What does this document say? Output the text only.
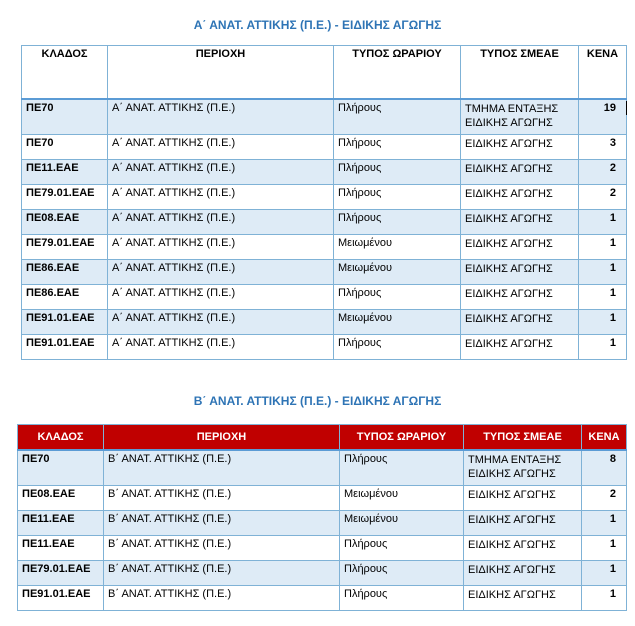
Α΄ ΑΝΑΤ. ΑΤΤΙΚΗΣ (Π.Ε.) - ΕΙΔΙΚΗΣ ΑΓΩΓΗΣ
ΚΛΑΔΟΣ	ΠΕΡΙΟΧΗ	ΤΥΠΟΣ ΩΡΑΡΙΟΥ	ΤΥΠΟΣ ΣΜΕΑΕ	ΚΕΝΑ
ΠΕ70	Α΄ ΑΝΑΤ. ΑΤΤΙΚΗΣ (Π.Ε.)	Πλήρους	ΤΜΗΜΑ ΕΝΤΑΞΗΣ
ΕΙΔΙΚΗΣ ΑΓΩΓΗΣ	19
ΠΕ70	Α΄ ΑΝΑΤ. ΑΤΤΙΚΗΣ (Π.Ε.)	Πλήρους	ΕΙΔΙΚΗΣ ΑΓΩΓΗΣ	3
ΠΕ11.ΕΑΕ	Α΄ ΑΝΑΤ. ΑΤΤΙΚΗΣ (Π.Ε.)	Πλήρους	ΕΙΔΙΚΗΣ ΑΓΩΓΗΣ	2
ΠΕ79.01.ΕΑΕ	Α΄ ΑΝΑΤ. ΑΤΤΙΚΗΣ (Π.Ε.)	Πλήρους	ΕΙΔΙΚΗΣ ΑΓΩΓΗΣ	2
ΠΕ08.ΕΑΕ	Α΄ ΑΝΑΤ. ΑΤΤΙΚΗΣ (Π.Ε.)	Πλήρους	ΕΙΔΙΚΗΣ ΑΓΩΓΗΣ	1
ΠΕ79.01.ΕΑΕ	Α΄ ΑΝΑΤ. ΑΤΤΙΚΗΣ (Π.Ε.)	Μειωμένου	ΕΙΔΙΚΗΣ ΑΓΩΓΗΣ	1
ΠΕ86.ΕΑΕ	Α΄ ΑΝΑΤ. ΑΤΤΙΚΗΣ (Π.Ε.)	Μειωμένου	ΕΙΔΙΚΗΣ ΑΓΩΓΗΣ	1
ΠΕ86.ΕΑΕ	Α΄ ΑΝΑΤ. ΑΤΤΙΚΗΣ (Π.Ε.)	Πλήρους	ΕΙΔΙΚΗΣ ΑΓΩΓΗΣ	1
ΠΕ91.01.ΕΑΕ	Α΄ ΑΝΑΤ. ΑΤΤΙΚΗΣ (Π.Ε.)	Μειωμένου	ΕΙΔΙΚΗΣ ΑΓΩΓΗΣ	1
ΠΕ91.01.ΕΑΕ	Α΄ ΑΝΑΤ. ΑΤΤΙΚΗΣ (Π.Ε.)	Πλήρους	ΕΙΔΙΚΗΣ ΑΓΩΓΗΣ	1
Β΄ ΑΝΑΤ. ΑΤΤΙΚΗΣ (Π.Ε.) - ΕΙΔΙΚΗΣ ΑΓΩΓΗΣ
ΚΛΑΔΟΣ	ΠΕΡΙΟΧΗ	ΤΥΠΟΣ ΩΡΑΡΙΟΥ	ΤΥΠΟΣ ΣΜΕΑΕ	ΚΕΝΑ
ΠΕ70	Β΄ ΑΝΑΤ. ΑΤΤΙΚΗΣ (Π.Ε.)	Πλήρους	ΤΜΗΜΑ ΕΝΤΑΞΗΣ
ΕΙΔΙΚΗΣ ΑΓΩΓΗΣ	8
ΠΕ08.ΕΑΕ	Β΄ ΑΝΑΤ. ΑΤΤΙΚΗΣ (Π.Ε.)	Μειωμένου	ΕΙΔΙΚΗΣ ΑΓΩΓΗΣ	2
ΠΕ11.ΕΑΕ	Β΄ ΑΝΑΤ. ΑΤΤΙΚΗΣ (Π.Ε.)	Μειωμένου	ΕΙΔΙΚΗΣ ΑΓΩΓΗΣ	1
ΠΕ11.ΕΑΕ	Β΄ ΑΝΑΤ. ΑΤΤΙΚΗΣ (Π.Ε.)	Πλήρους	ΕΙΔΙΚΗΣ ΑΓΩΓΗΣ	1
ΠΕ79.01.ΕΑΕ	Β΄ ΑΝΑΤ. ΑΤΤΙΚΗΣ (Π.Ε.)	Πλήρους	ΕΙΔΙΚΗΣ ΑΓΩΓΗΣ	1
ΠΕ91.01.ΕΑΕ	Β΄ ΑΝΑΤ. ΑΤΤΙΚΗΣ (Π.Ε.)	Πλήρους	ΕΙΔΙΚΗΣ ΑΓΩΓΗΣ	1
